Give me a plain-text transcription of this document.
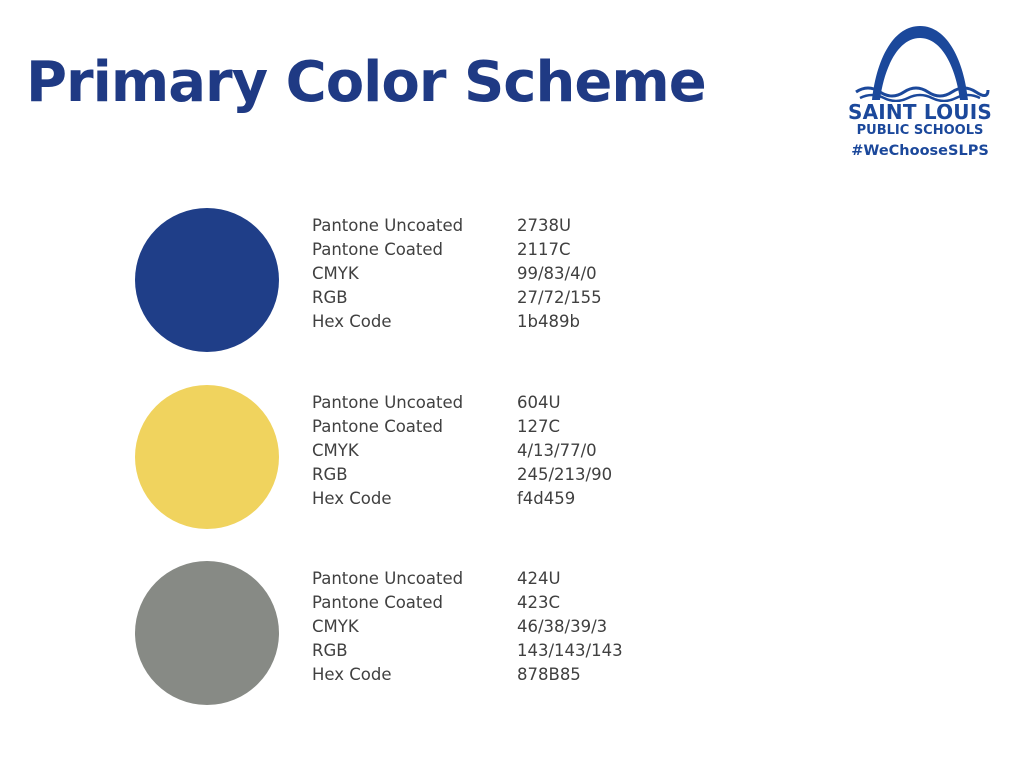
Primary Color Scheme	SAINT LOUIS
PUBLIC SCHOOLS
#WeChooseSLPS
Pantone Uncoated	2738U
Pantone Coated	2117C
CMYK	99/83/4/0
RGB	27/72/155
Hex Code	1b489b
Pantone Uncoated	604U
Pantone Coated	127C
CMYK	4/13/77/0
RGB	245/213/90
Hex Code	f4d459
Pantone Uncoated	424U
Pantone Coated	423C
CMYK	46/38/39/3
RGB	143/143/143
Hex Code	878B85
